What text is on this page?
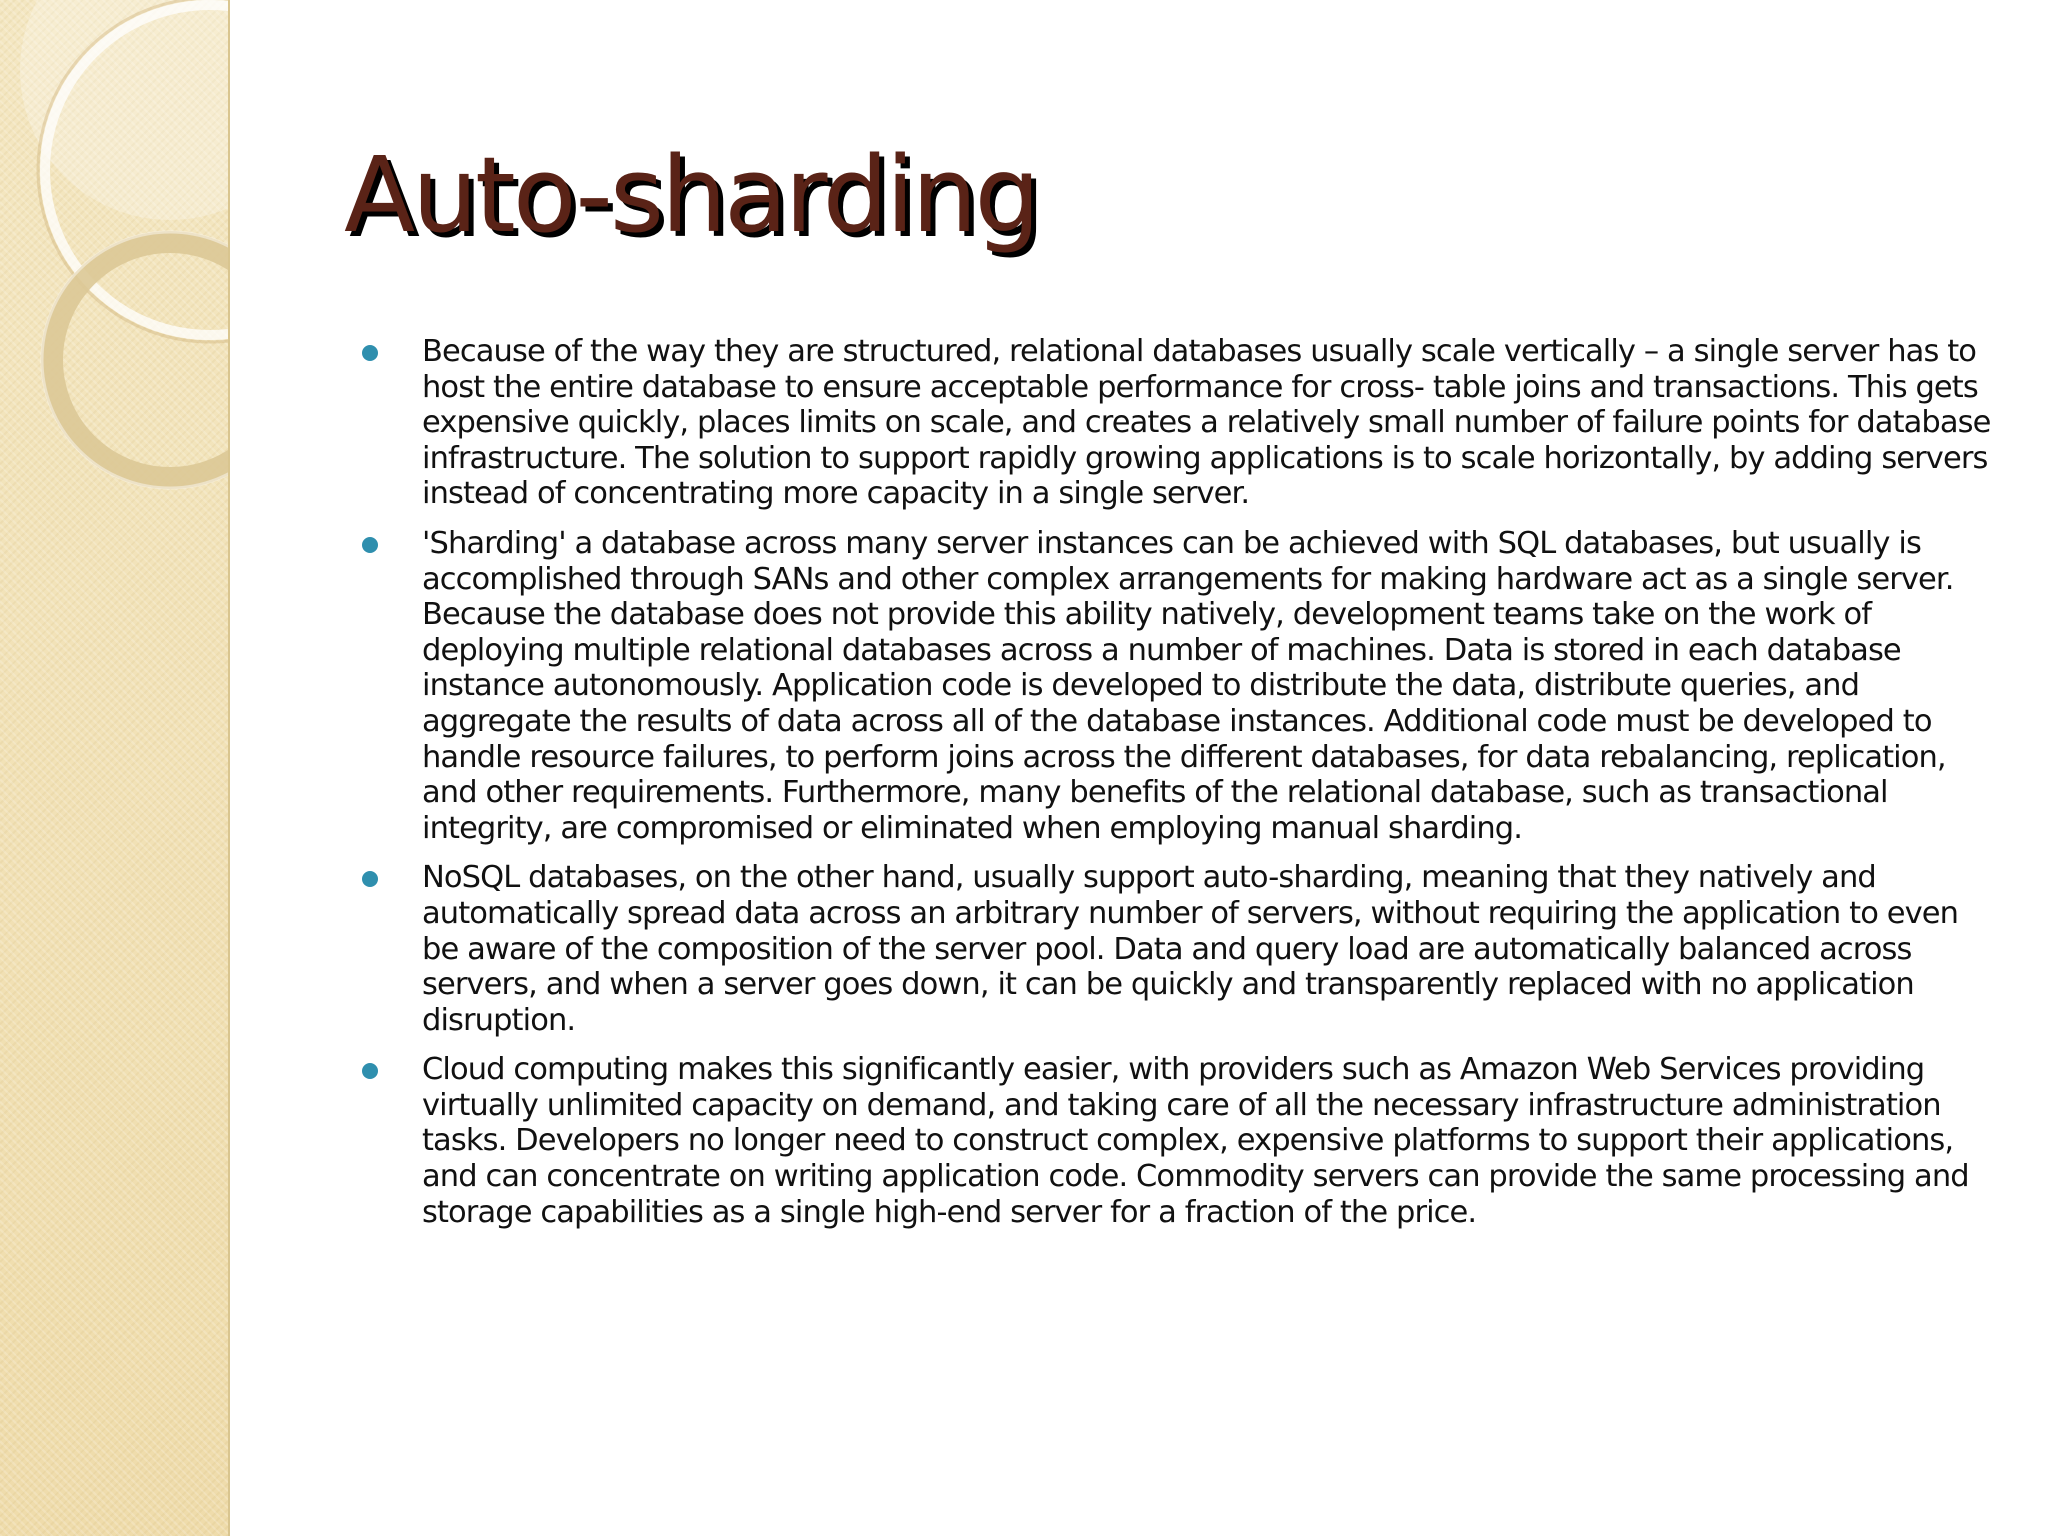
Auto-sharding
Because of the way they are structured, relational databases usually scale vertically – a single server has to host the entire database to ensure acceptable performance for cross- table joins and transactions. This gets expensive quickly, places limits on scale, and creates a relatively small number of failure points for database infrastructure. The solution to support rapidly growing applications is to scale horizontally, by adding servers instead of concentrating more capacity in a single server.
'Sharding' a database across many server instances can be achieved with SQL databases, but usually is accomplished through SANs and other complex arrangements for making hardware act as a single server. Because the database does not provide this ability natively, development teams take on the work of deploying multiple relational databases across a number of machines. Data is stored in each database instance autonomously. Application code is developed to distribute the data, distribute queries, and aggregate the results of data across all of the database instances. Additional code must be developed to handle resource failures, to perform joins across the different databases, for data rebalancing, replication, and other requirements. Furthermore, many benefits of the relational database, such as transactional integrity, are compromised or eliminated when employing manual sharding.
NoSQL databases, on the other hand, usually support auto-sharding, meaning that they natively and automatically spread data across an arbitrary number of servers, without requiring the application to even be aware of the composition of the server pool. Data and query load are automatically balanced across servers, and when a server goes down, it can be quickly and transparently replaced with no application disruption.
Cloud computing makes this significantly easier, with providers such as Amazon Web Services providing virtually unlimited capacity on demand, and taking care of all the necessary infrastructure administration tasks. Developers no longer need to construct complex, expensive platforms to support their applications, and can concentrate on writing application code. Commodity servers can provide the same processing and storage capabilities as a single high-end server for a fraction of the price.
